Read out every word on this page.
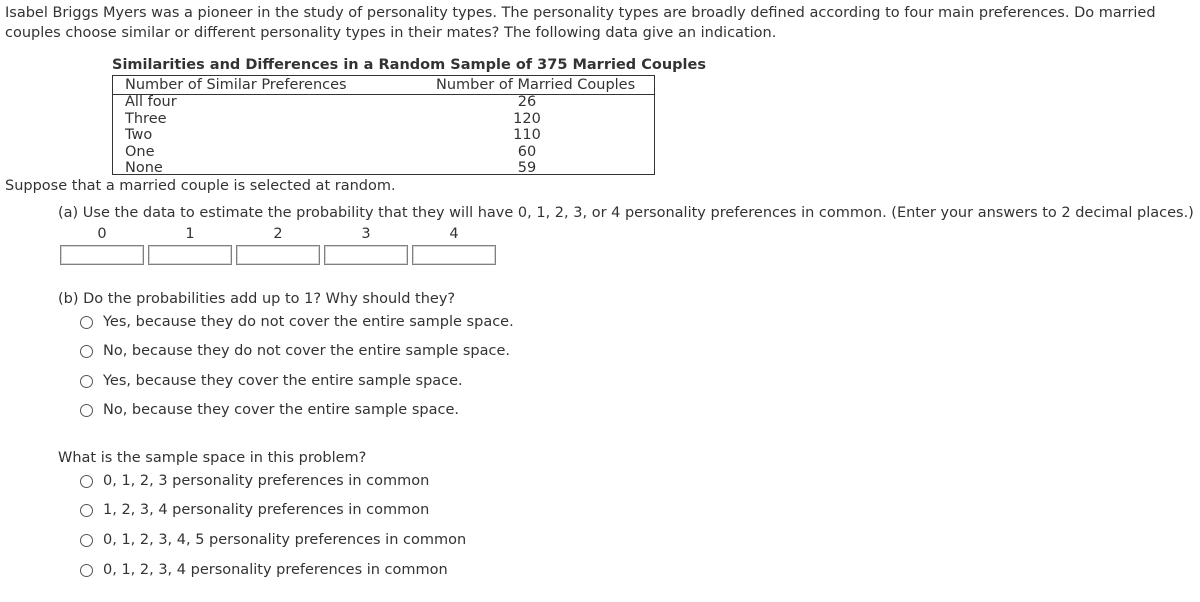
Isabel Briggs Myers was a pioneer in the study of personality types. The personality types are broadly defined according to four main preferences. Do married couples choose similar or different personality types in their mates? The following data give an indication.
Similarities and Differences in a Random Sample of 375 Married Couples
Number of Similar Preferences	Number of Married Couples
All four	26
Three	120
Two	110
One	60
None	59
Suppose that a married couple is selected at random.
(a) Use the data to estimate the probability that they will have 0, 1, 2, 3, or 4 personality preferences in common. (Enter your answers to 2 decimal places.)
0	1	2	3	4
(b) Do the probabilities add up to 1? Why should they?
Yes, because they do not cover the entire sample space.
No, because they do not cover the entire sample space.
Yes, because they cover the entire sample space.
No, because they cover the entire sample space.
What is the sample space in this problem?
0, 1, 2, 3 personality preferences in common
1, 2, 3, 4 personality preferences in common
0, 1, 2, 3, 4, 5 personality preferences in common
0, 1, 2, 3, 4 personality preferences in common
